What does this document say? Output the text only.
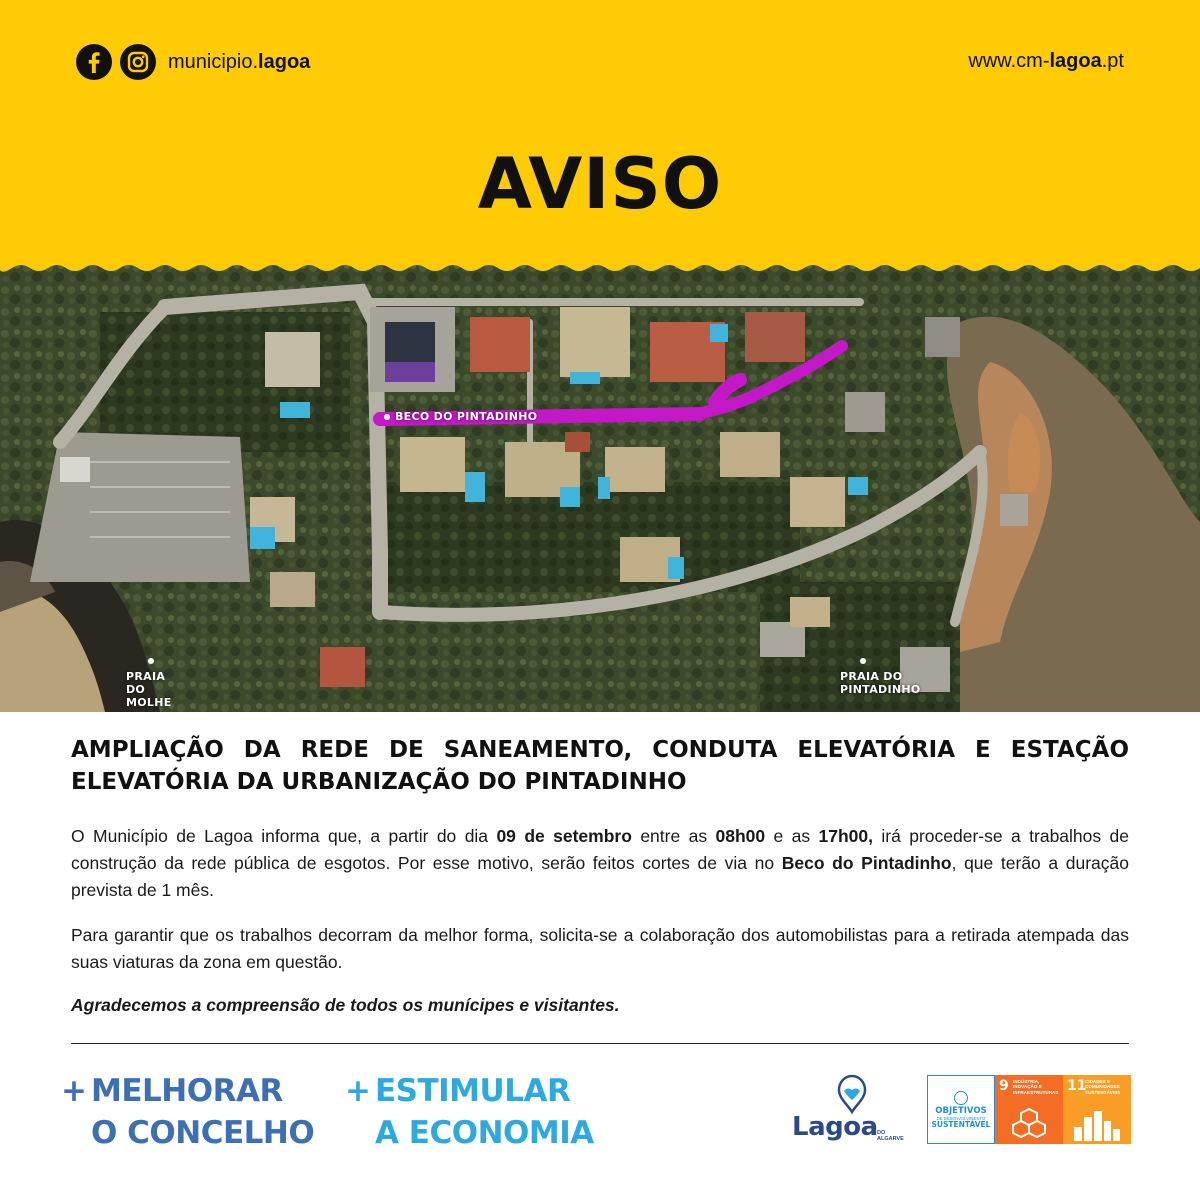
municipio.lagoa	www.cm-lagoa.pt
AVISO
BECO DO PINTADINHO
PRAIA
DO MOLHE
PRAIA DO
PINTADINHO
AMPLIAÇÃO DA REDE DE SANEAMENTO, CONDUTA ELEVATÓRIA E ESTAÇÃO ELEVATÓRIA DA URBANIZAÇÃO DO PINTADINHO
O Município de Lagoa informa que, a partir do dia 09 de setembro entre as 08h00 e as 17h00, irá proceder-se a trabalhos de construção da rede pública de esgotos. Por esse motivo, serão feitos cortes de via no Beco do Pintadinho, que terão a duração prevista de 1 mês.
Para garantir que os trabalhos decorram da melhor forma, solicita-se a colaboração dos automobilistas para a retirada atempada das suas viaturas da zona em questão.
Agradecemos a compreensão de todos os munícipes e visitantes.
+ MELHORAR
O CONCELHO
+ ESTIMULAR
A ECONOMIA	Lagoa DO
ALGARVE
OBJETIVOS
DE DESENVOLVIMENTO
SUSTENTÁVEL
9 INDÚSTRIA, INOVAÇÃO E INFRAESTRUTURAS 11
CIDADES E COMUNIDADES SUSTENTÁVEIS
